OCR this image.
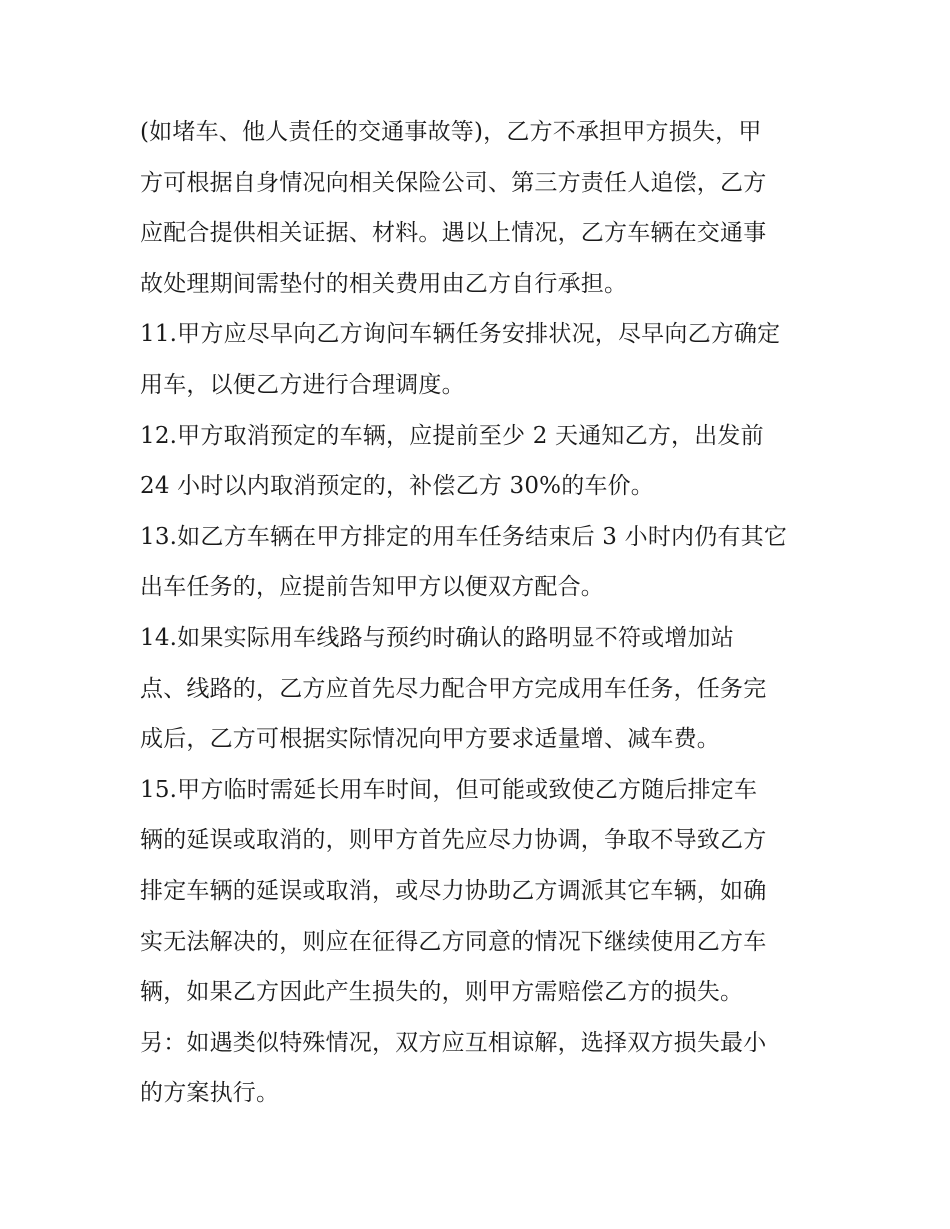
(如堵车、他人责任的交通事故等)，乙方不承担甲方损失，甲
方可根据自身情况向相关保险公司、第三方责任人追偿，乙方
应配合提供相关证据、材料。遇以上情况，乙方车辆在交通事
故处理期间需垫付的相关费用由乙方自行承担。
11.甲方应尽早向乙方询问车辆任务安排状况，尽早向乙方确定
用车，以便乙方进行合理调度。
12.甲方取消预定的车辆，应提前至少 2 天通知乙方，出发前
24 小时以内取消预定的，补偿乙方 30%的车价。
13.如乙方车辆在甲方排定的用车任务结束后 3 小时内仍有其它
出车任务的，应提前告知甲方以便双方配合。
14.如果实际用车线路与预约时确认的路明显不符或增加站
点、线路的，乙方应首先尽力配合甲方完成用车任务，任务完
成后，乙方可根据实际情况向甲方要求适量增、减车费。
15.甲方临时需延长用车时间，但可能或致使乙方随后排定车
辆的延误或取消的，则甲方首先应尽力协调，争取不导致乙方
排定车辆的延误或取消，或尽力协助乙方调派其它车辆，如确
实无法解决的，则应在征得乙方同意的情况下继续使用乙方车
辆，如果乙方因此产生损失的，则甲方需赔偿乙方的损失。
另：如遇类似特殊情况，双方应互相谅解，选择双方损失最小
的方案执行。
